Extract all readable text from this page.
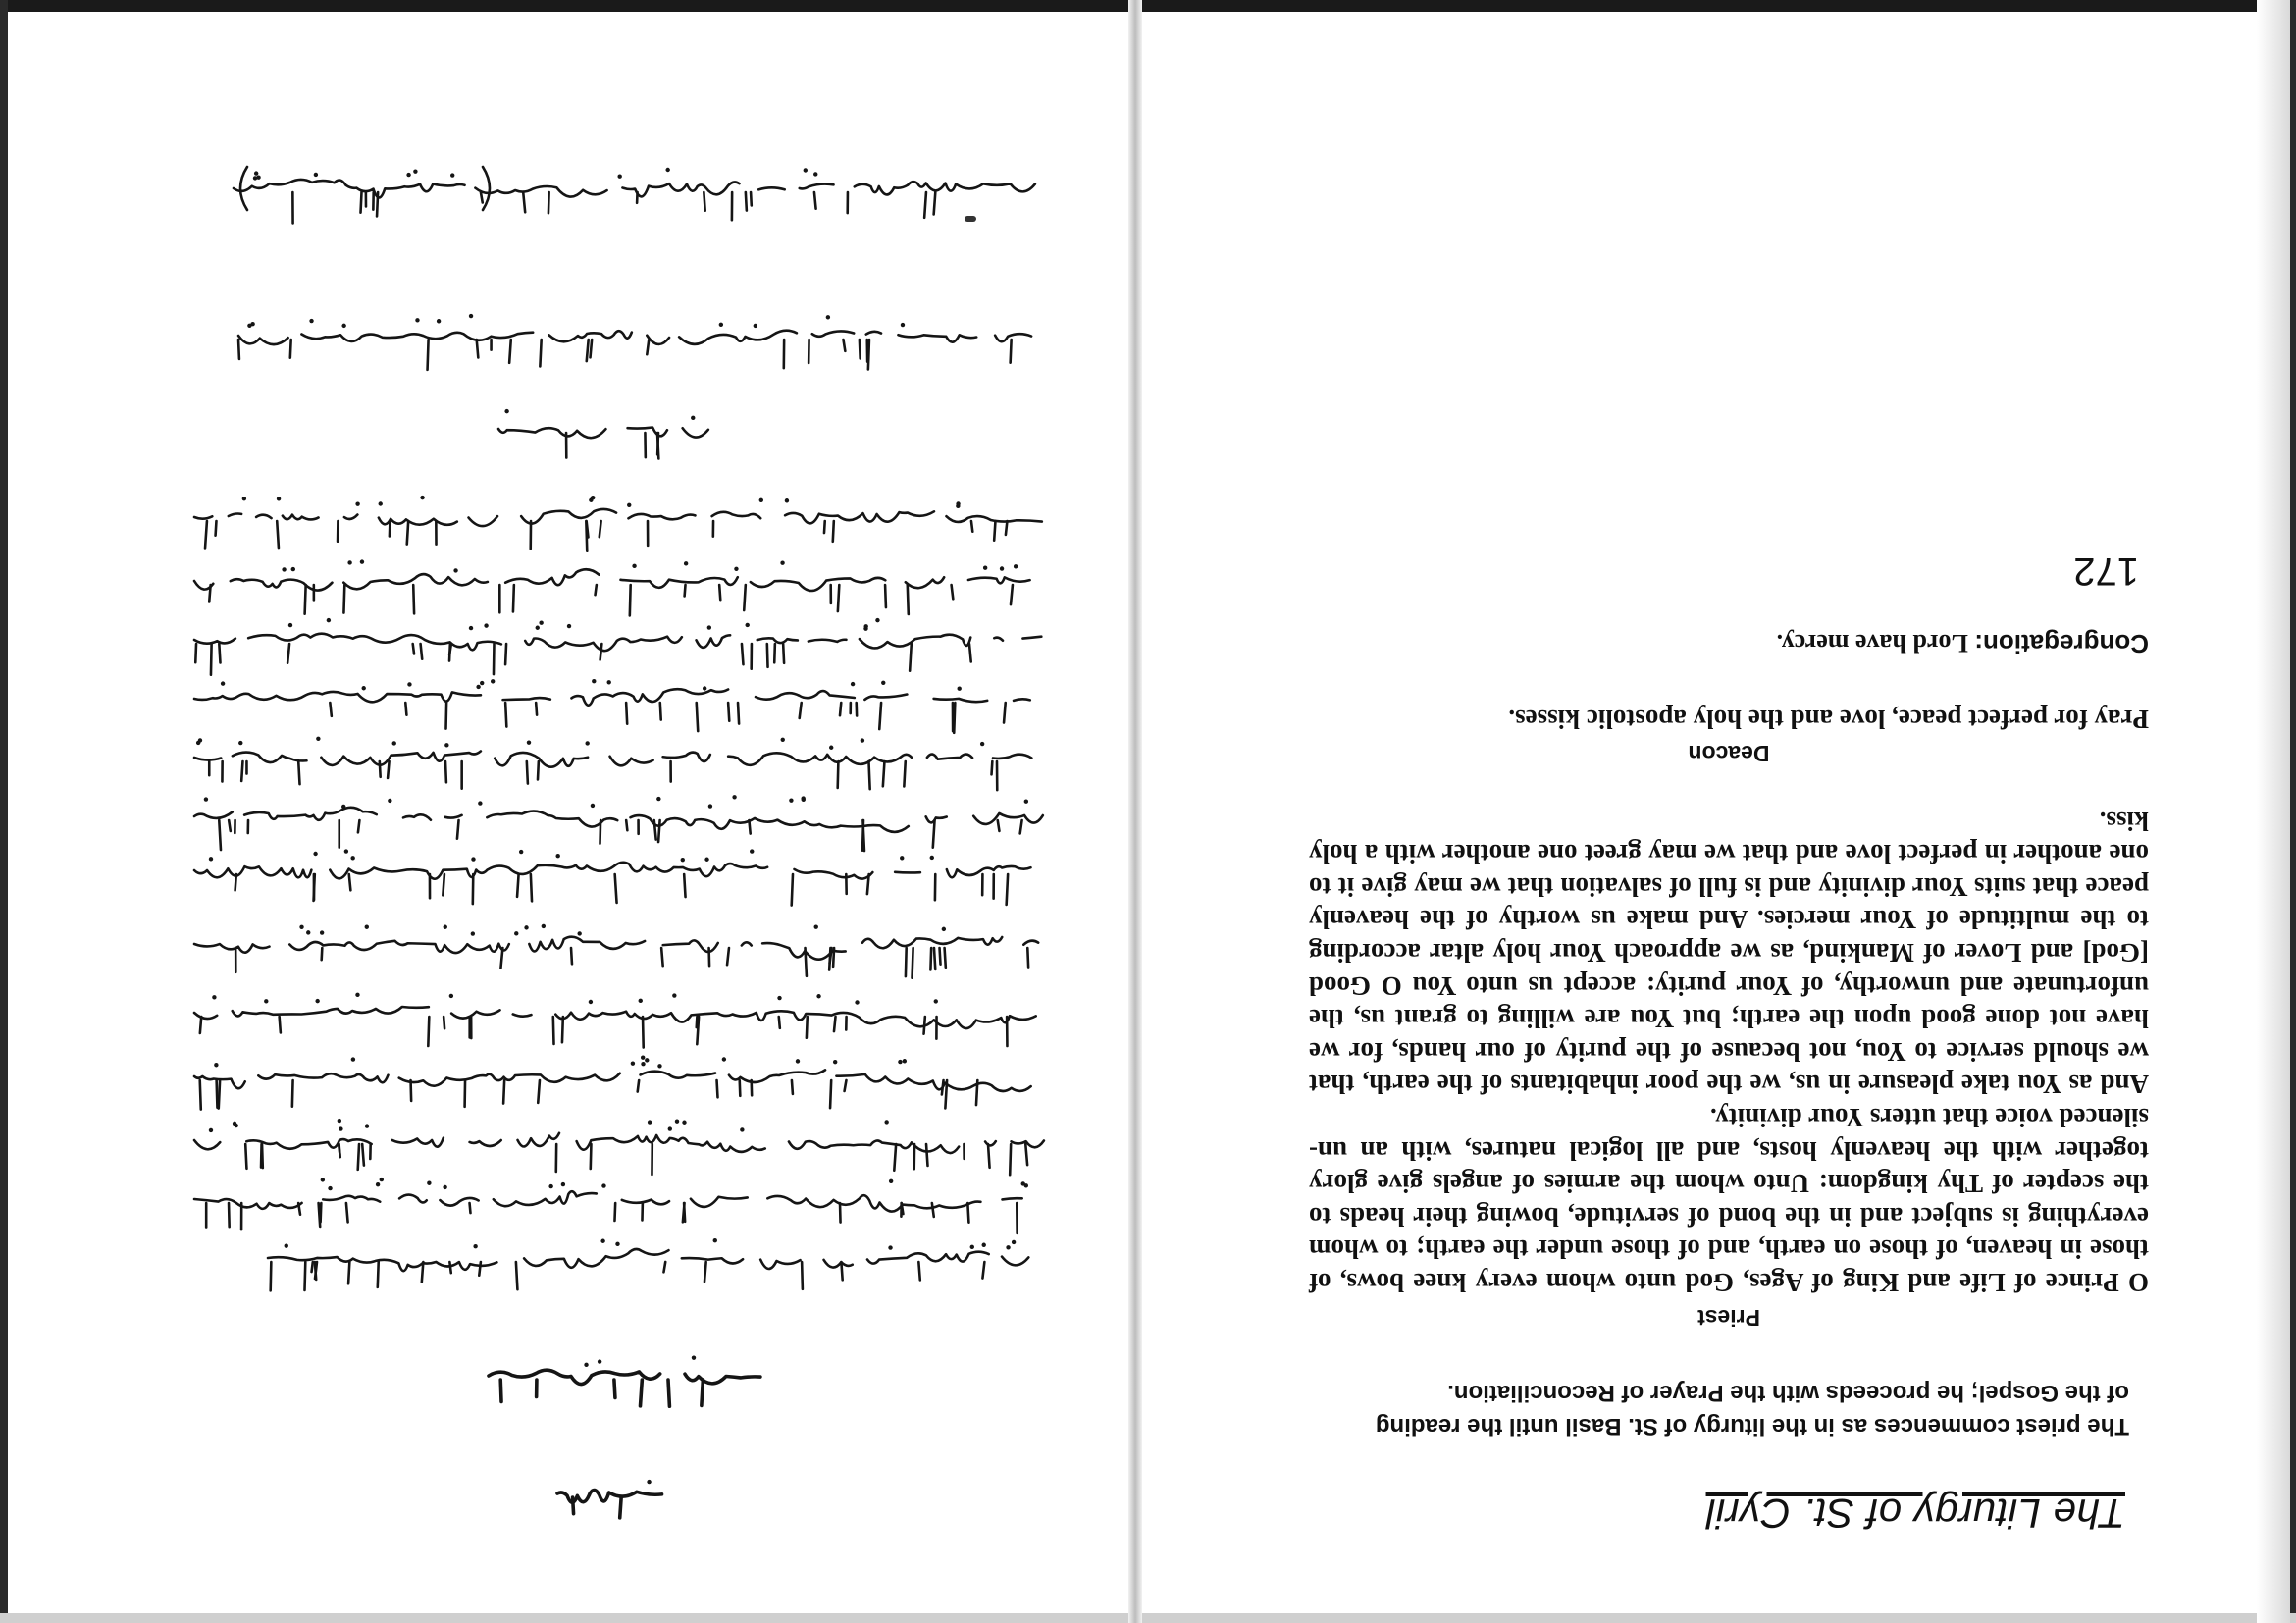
The Liturgy of St. Cyril
The priest commences as in the liturgy of St. Basil until the reading of the Gospel; he proceeds with the Prayer of Reconciliation.
Priest

O Prince of Life and King of Ages, God unto whom every knee bows, of those in heaven, of those on earth, and of those under the earth; to whom everything is subject and in the bond of servitude, bowing their heads to the scepter of Thy kingdom: Unto whom the armies of angels give glory together with the heavenly hosts, and all logical natures, with an un-silenced voice that utters Your divinity.

And as You take pleasure in us, we the poor inhabitants of the earth, that we should service to You, not because of the purity of our hands, for we have not done good upon the earth; but You are willing to grant us, the unfortunate and unworthy, of Your purity: accept us unto You O Good [God] and Lover of Mankind, as we approach Your holy altar according to the multitude of Your mercies. And make us worthy of the heavenly peace that suits Your divinity and is full of salvation that we may give it to one another in perfect love and that we may greet one another with a holy kiss.

Deacon
Pray for perfect peace, love and the holy apostolic kisses.
Congregation: Lord have mercy.
172
